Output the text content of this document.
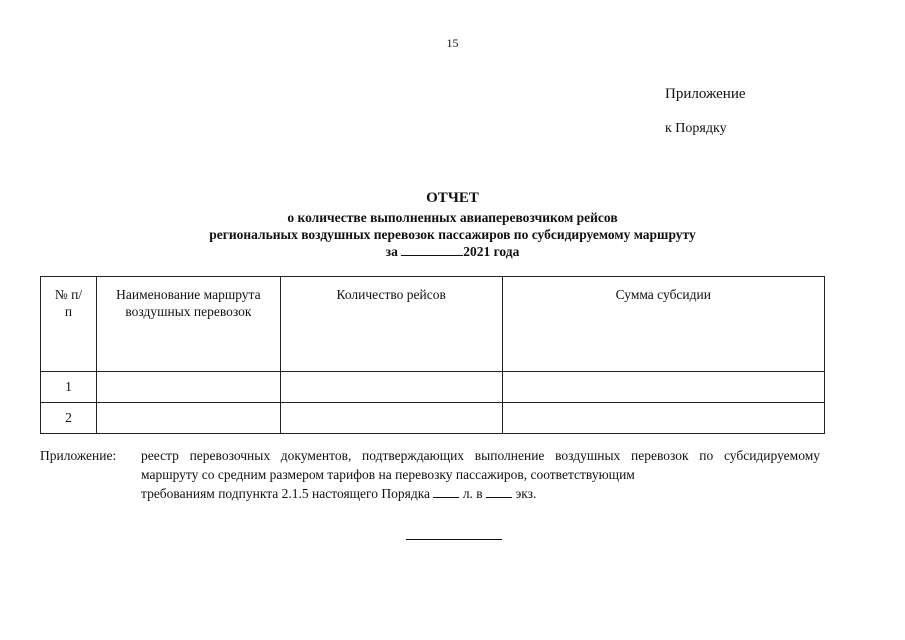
15
Приложение
к Порядку
ОТЧЕТ
о количестве выполненных авиаперевозчиком рейсов
региональных воздушных перевозок пассажиров по субсидируемому маршруту
за	2021 года
№ п/п	Наименование маршрута воздушных перевозок	Количество рейсов	Сумма субсидии
1			
2			
Приложение: реестр перевозочных документов, подтверждающих выполнение воздушных перевозок по субсидируемому маршруту со средним размером тарифов на перевозку пассажиров, соответствующим
требованиям подпункта 2.1.5 настоящего Порядка л. в экз.
